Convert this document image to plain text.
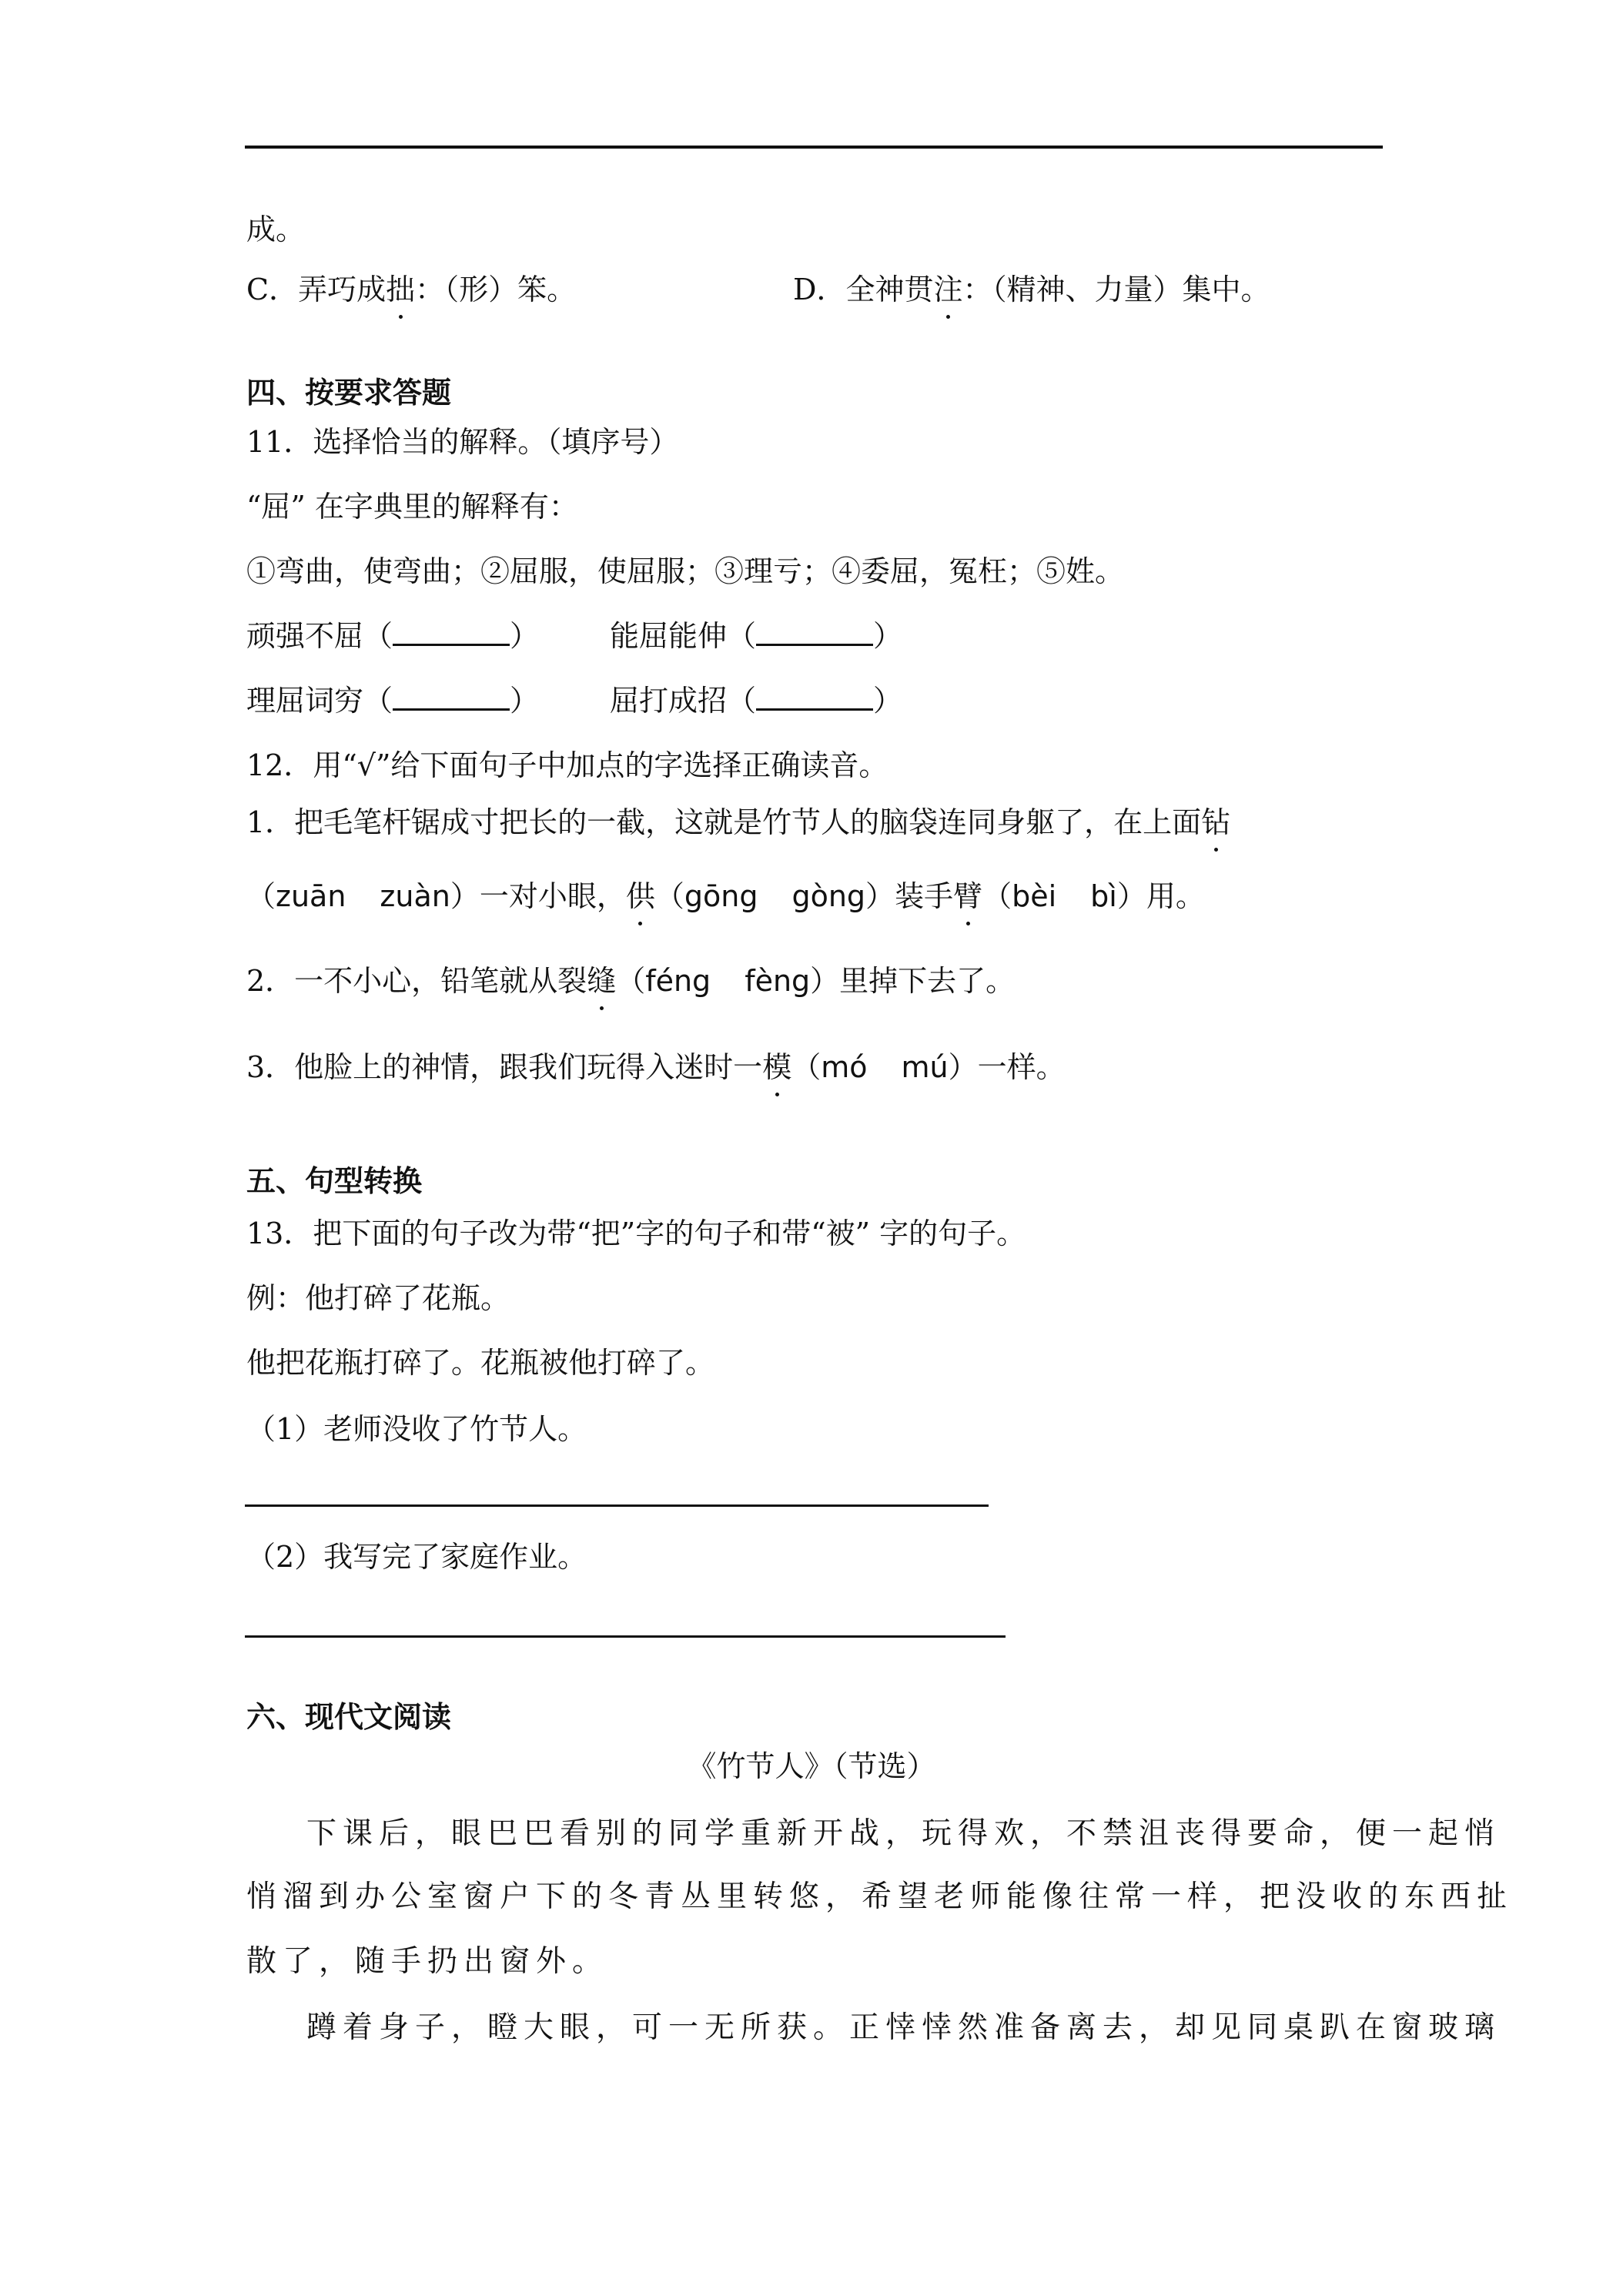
成。
C．弄巧成拙：（形）笨。	D．全神贯注：（精神、力量）集中。
四、按要求答题
11．选择恰当的解释。（填序号）
“屈” 在字典里的解释有：
①弯曲，使弯曲；②屈服，使屈服；③理亏；④委屈，冤枉；⑤姓。
顽强不屈（	） 能屈能伸（	）
理屈词穷（	） 屈打成招（	）
12．用“√”给下面句子中加点的字选择正确读音。
1．把毛笔杆锯成寸把长的一截，这就是竹节人的脑袋连同身躯了，在上面钻
（zuān zuàn）一对小眼，供（gōng gòng）装手臂（bèi bì）用。
2．一不小心，铅笔就从裂缝（féng fèng）里掉下去了。
3．他脸上的神情，跟我们玩得入迷时一模（mó mú）一样。
五、句型转换
13．把下面的句子改为带“把”字的句子和带“被” 字的句子。
例：他打碎了花瓶。
他把花瓶打碎了。花瓶被他打碎了。
（1）老师没收了竹节人。
（2）我写完了家庭作业。
六、现代文阅读
《竹节人》（节选）
下课后，眼巴巴看别的同学重新开战，玩得欢，不禁沮丧得要命，便一起悄
悄溜到办公室窗户下的冬青丛里转悠，希望老师能像往常一样，把没收的东西扯
散了，随手扔出窗外。
蹲着身子，瞪大眼，可一无所获。正悻悻然准备离去，却见同桌趴在窗玻璃
